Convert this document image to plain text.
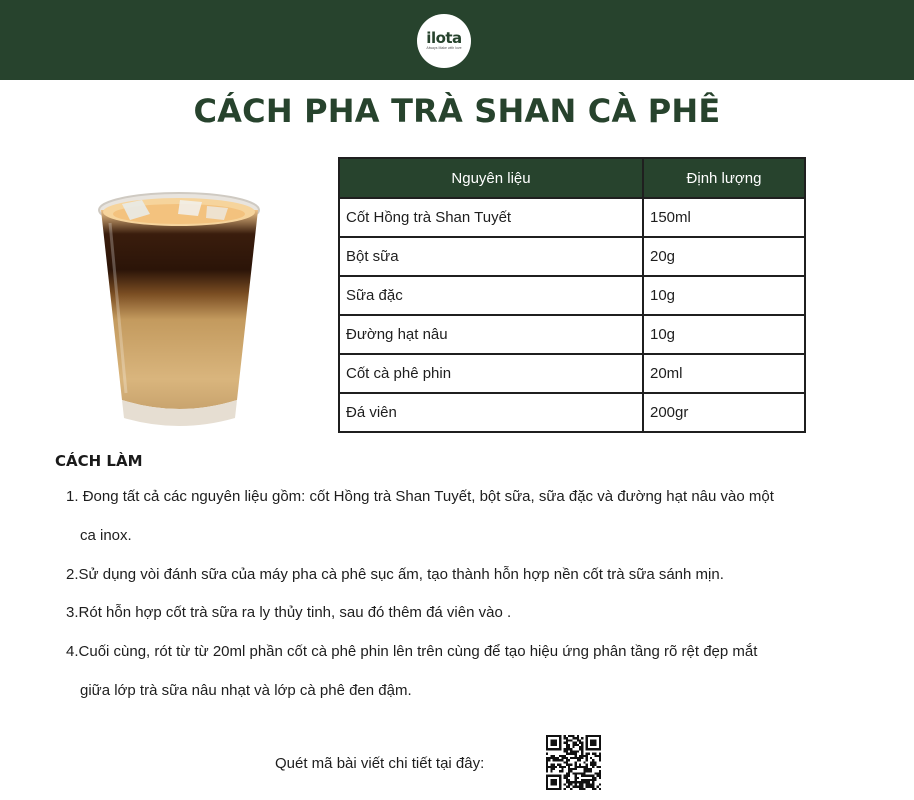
ilota
Always Make with love
CÁCH PHA TRÀ SHAN CÀ PHÊ
Nguyên liệu	Định lượng
Cốt Hồng trà Shan Tuyết	150ml
Bột sữa	20g
Sữa đặc	10g
Đường hạt nâu	10g
Cốt cà phê phin	20ml
Đá viên	200gr
CÁCH LÀM
1. Đong tất cả các nguyên liệu gồm: cốt Hồng trà Shan Tuyết, bột sữa, sữa đặc và đường hạt nâu vào một
ca inox.
2.Sử dụng vòi đánh sữa của máy pha cà phê sục ấm, tạo thành hỗn hợp nền cốt trà sữa sánh mịn.
3.Rót hỗn hợp cốt trà sữa ra ly thủy tinh, sau đó thêm đá viên vào .
4.Cuối cùng, rót từ từ 20ml phần cốt cà phê phin lên trên cùng để tạo hiệu ứng phân tầng rõ rệt đẹp mắt
giữa lớp trà sữa nâu nhạt và lớp cà phê đen đậm.
Quét mã bài viết chi tiết tại đây:
